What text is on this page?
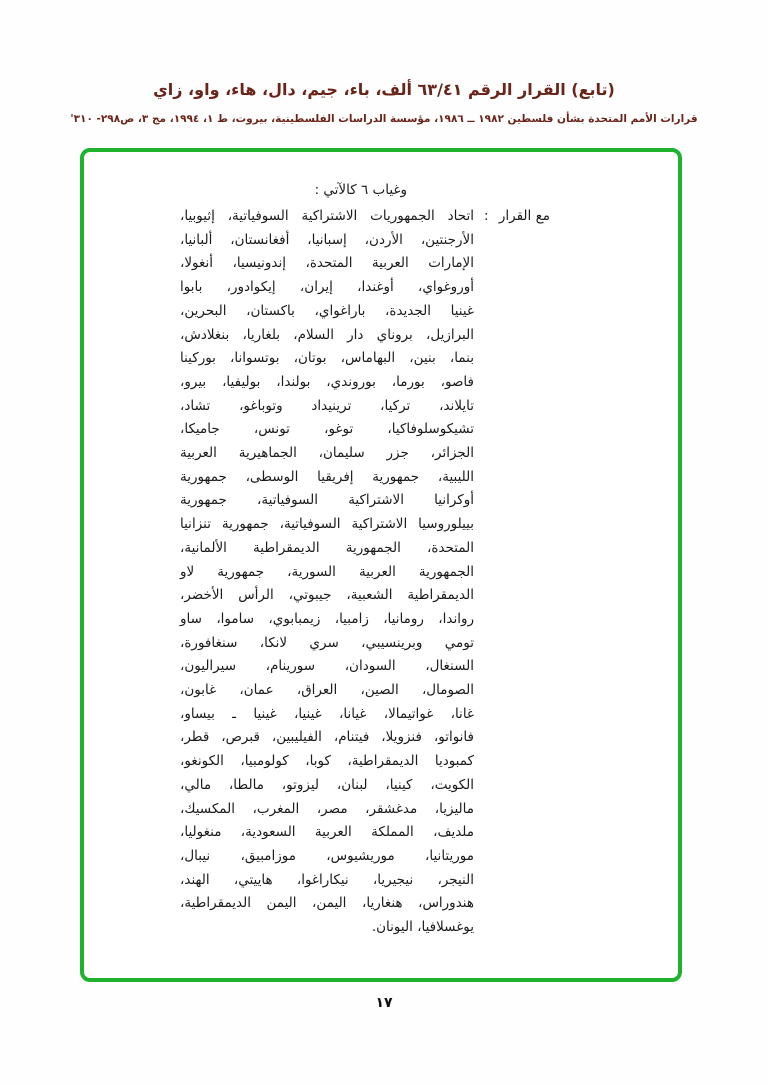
(تابع) القرار الرقم ٦٣/٤١ ألف، باء، جيم، دال، هاء، واو، زاي
قرارات الأمم المتحدة بشأن فلسطين ١٩٨٢ ــ ١٩٨٦، مؤسسة الدراسات الفلسطينية، بيروت، ط ١، ١٩٩٤، مج ٣، ص٢٩٨- ٣١٠'
وغياب ٦ كالآتي :
مع القرار
:
اتحاد الجمهوريات الاشتراكية السوفياتية، إثيوبيا،
الأرجنتين، الأردن، إسبانيا، أفغانستان، ألبانيا،
الإمارات العربية المتحدة، إندونيسيا، أنغولا،
أوروغواي، أوغندا، إيران، إيكوادور، بابوا
غينيا الجديدة، باراغواي، باكستان، البحرين،
البرازيل، بروناي دار السلام، بلغاريا، بنغلادش،
بنما، بنين، البهاماس، بوتان، بوتسوانا، بوركينا
فاصو، بورما، بوروندي، بولندا، بوليفيا، بيرو،
تايلاند، تركيا، ترينيداد وتوباغو، تشاد،
تشيكوسلوفاكيا، توغو، تونس، جاميكا،
الجزائر، جزر سليمان، الجماهيرية العربية
الليبية، جمهورية إفريقيا الوسطى، جمهورية
أوكرانيا الاشتراكية السوفياتية، جمهورية
بييلوروسيا الاشتراكية السوفياتية، جمهورية تنزانيا
المتحدة، الجمهورية الديمقراطية الألمانية،
الجمهورية العربية السورية، جمهورية لاو
الديمقراطية الشعبية، جيبوتي، الرأس الأخضر،
رواندا، رومانيا، زامبيا، زيمبابوي، ساموا، ساو
تومي وبرينسيبي، سري لانكا، سنغافورة،
السنغال، السودان، سورينام، سيراليون،
الصومال، الصين، العراق، عمان، غابون،
غانا، غواتيمالا، غيانا، غينيا، غينيا ـ بيساو،
فانواتو، فنزويلا، فيتنام، الفيليبين، قبرص، قطر،
كمبوديا الديمقراطية، كوبا، كولومبيا، الكونغو،
الكويت، كينيا، لبنان، ليزوتو، مالطا، مالي،
ماليزيا، مدغشقر، مصر، المغرب، المكسيك،
ملديف، المملكة العربية السعودية، منغوليا،
موريتانيا، موريشيوس، موزامبيق، نيبال،
النيجر، نيجيريا، نيكاراغوا، هاييتي، الهند،
هندوراس، هنغاريا، اليمن، اليمن الديمقراطية،
يوغسلافيا، اليونان.
١٧
